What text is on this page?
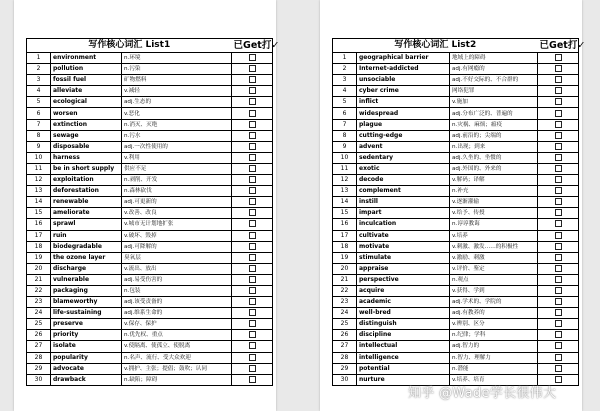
写作核心词汇 List1			已Get打✓
1	environment	n.环境	
2	pollution	n.污染	
3	fossil fuel	矿物燃料	
4	alleviate	v.减轻	
5	ecological	adj.生态的	
6	worsen	v.恶化	
7	extinction	n.消灭、灭绝	
8	sewage	n.污水	
9	disposable	adj.一次性使用的	
10	harness	v.利用	
11	be in short supply	供应不足	
12	exploitation	n.剥削、开发	
13	deforestation	n.森林砍伐	
14	renewable	adj.可更新的	
15	ameliorate	v.改善、改良	
16	sprawl	v.城市无计划地扩张	
17	ruin	v.破坏、毁掉	
18	biodegradable	adj.可降解的	
19	the ozone layer	臭氧层	
20	discharge	v.流出、放出	
21	vulnerable	adj.易受伤害的	
22	packaging	n.包装	
23	blameworthy	adj.该受责备的	
24	life-sustaining	adj.维系生命的	
25	preserve	v.保存、保护	
26	priority	n.优先权、重点	
27	isolate	v.使隔离、使孤立、使脱离	
28	popularity	n.名声、流行、受大众欢迎	
29	advocate	v.拥护、主张；提倡；鼓吹；认同	
30	drawback	n.缺陷；障碍	
写作核心词汇 List2			已Get打✓
1	geographical barrier	地域上的障碍	
2	Internet-addicted	adj.有网瘾的	
3	unsociable	adj.不好交际的、不合群的	
4	cyber crime	网络犯罪	
5	inflict	v.施加	
6	widespread	adj.分布广泛的、普遍的	
7	plague	n.灾祸、麻烦；瘟疫	
8	cutting-edge	adj.前沿的；尖端的	
9	advent	n.出现；到来	
10	sedentary	adj.久坐的、坐惯的	
11	exotic	adj.外国的、外来的	
12	decode	v.解码；译解	
13	complement	n.补充	
14	instill	v.逐渐灌输	
15	impart	v.给予、传授	
16	inculcation	n.谆谆教诲	
17	cultivate	v.培养	
18	motivate	v.刺激、激发……的积极性	
19	stimulate	v.激励、刺激	
20	appraise	v.评价、鉴定	
21	perspective	n.观点	
22	acquire	v.获得、学到	
23	academic	adj.学术的、学院的	
24	well-bred	adj.有教养的	
25	distinguish	v.辨别、区分	
26	discipline	n.纪律；学科	
27	intellectual	adj.智力的	
28	intelligence	n.智力、理解力	
29	potential	n.潜能	
30	nurture	v.培养、培育	
知乎 @Wade学长很伟大
